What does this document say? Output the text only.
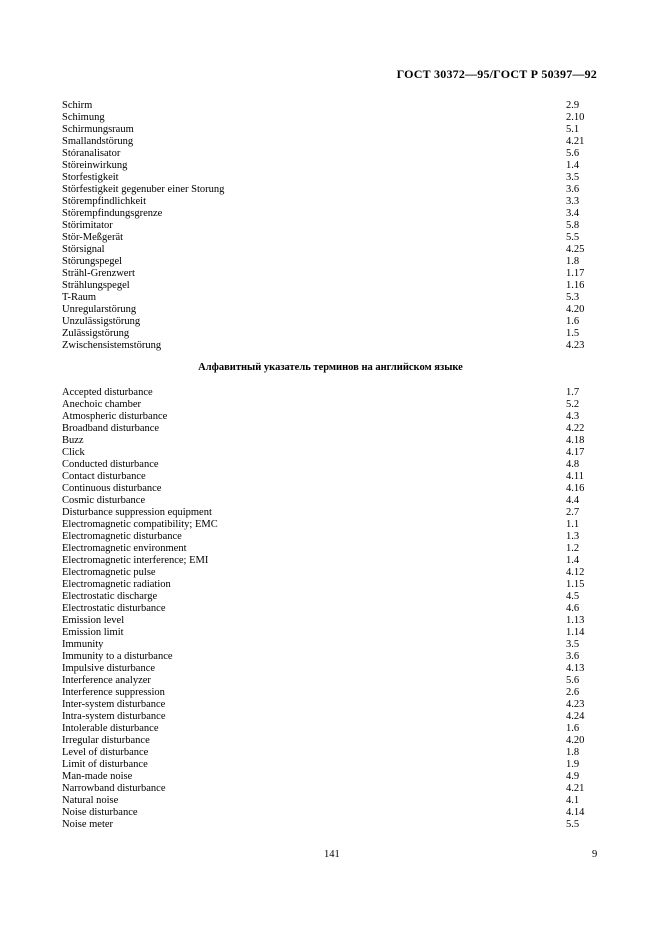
ГОСТ 30372—95/ГОСТ Р 50397—92
Schirm	2.9
Schimung	2.10
Schirmungsraum	5.1
Smallandstörung	4.21
Stóranalisator	5.6
Störeinwirkung	1.4
Storfestigkeit	3.5
Störfestigkeit gegenuber einer Storung	3.6
Störempfindlichkeit	3.3
Störempfindungsgrenze	3.4
Störimitator	5.8
Stör-Meßgerät	5.5
Störsignal	4.25
Störungspegel	1.8
Strähl-Grenzwert	1.17
Strählungspegel	1.16
T-Raum	5.3
Unregularstörung	4.20
Unzulässigstörung	1.6
Zulässigstörung	1.5
Zwischensistemstörung	4.23
Алфавитный указатель терминов на английском языке
Accepted disturbance	1.7
Anechoic chamber	5.2
Atmospheric disturbance	4.3
Broadband disturbance	4.22
Buzz	4.18
Click	4.17
Conducted disturbance	4.8
Contact disturbance	4.11
Continuous disturbance	4.16
Cosmic disturbance	4.4
Disturbance suppression equipment	2.7
Electromagnetic compatibility; EMC	1.1
Electromagnetic disturbance	1.3
Electromagnetic environment	1.2
Electromagnetic interference; EMI	1.4
Electromagnetic pulse	4.12
Electromagnetic radiation	1.15
Electrostatic discharge	4.5
Electrostatic disturbance	4.6
Emission level	1.13
Emission limit	1.14
Immunity	3.5
Immunity to a disturbance	3.6
Impulsive disturbance	4.13
Interference analyzer	5.6
Interference suppression	2.6
Inter-system disturbance	4.23
Intra-system disturbance	4.24
Intolerable disturbance	1.6
Irregular disturbance	4.20
Level of disturbance	1.8
Limit of disturbance	1.9
Man-made noise	4.9
Narrowband disturbance	4.21
Natural noise	4.1
Noise disturbance	4.14
Noise meter	5.5
141	9
